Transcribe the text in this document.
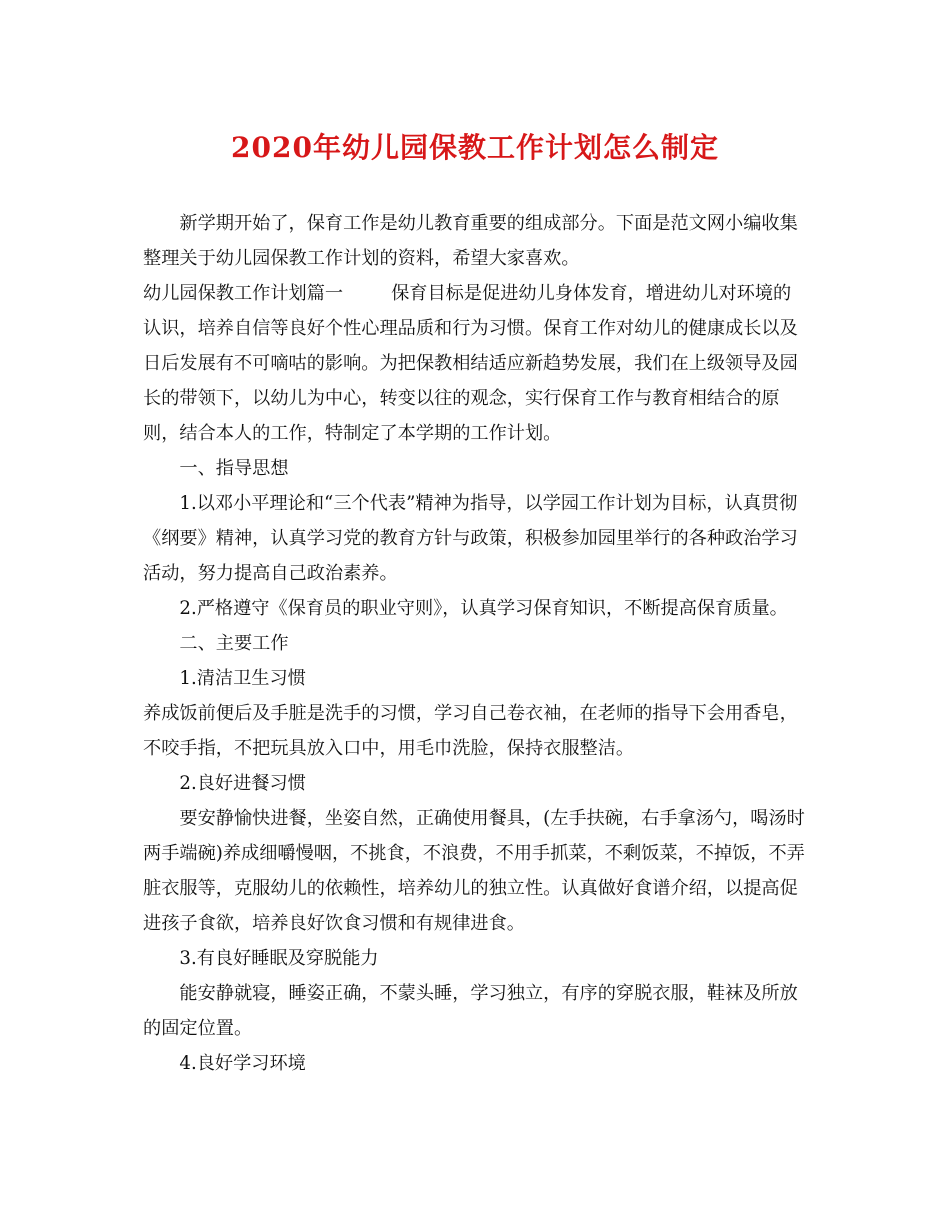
2020年幼儿园保教工作计划怎么制定

新学期开始了，保育工作是幼儿教育重要的组成部分。下面是范文网小编收集整理关于幼儿园保教工作计划的资料，希望大家喜欢。

幼儿园保教工作计划篇一	保育目标是促进幼儿身体发育，增进幼儿对环境的认识，培养自信等良好个性心理品质和行为习惯。保育工作对幼儿的健康成长以及日后发展有不可嘀咕的影响。为把保教相结适应新趋势发展，我们在上级领导及园长的带领下，以幼儿为中心，转变以往的观念，实行保育工作与教育相结合的原则，结合本人的工作，特制定了本学期的工作计划。

一、指导思想

1.以邓小平理论和“三个代表”精神为指导，以学园工作计划为目标，认真贯彻《纲要》精神，认真学习党的教育方针与政策，积极参加园里举行的各种政治学习活动，努力提高自己政治素养。

2.严格遵守《保育员的职业守则》，认真学习保育知识，不断提高保育质量。

二、主要工作

1.清洁卫生习惯

养成饭前便后及手脏是洗手的习惯，学习自己卷衣袖，在老师的指导下会用香皂，不咬手指，不把玩具放入口中，用毛巾洗脸，保持衣服整洁。

2.良好进餐习惯

要安静愉快进餐，坐姿自然，正确使用餐具，(左手扶碗，右手拿汤勺，喝汤时两手端碗)养成细嚼慢咽，不挑食，不浪费，不用手抓菜，不剩饭菜，不掉饭，不弄脏衣服等，克服幼儿的依赖性，培养幼儿的独立性。认真做好食谱介绍，以提高促进孩子食欲，培养良好饮食习惯和有规律进食。

3.有良好睡眠及穿脱能力

能安静就寝，睡姿正确，不蒙头睡，学习独立，有序的穿脱衣服，鞋袜及所放的固定位置。

4.良好学习环境
